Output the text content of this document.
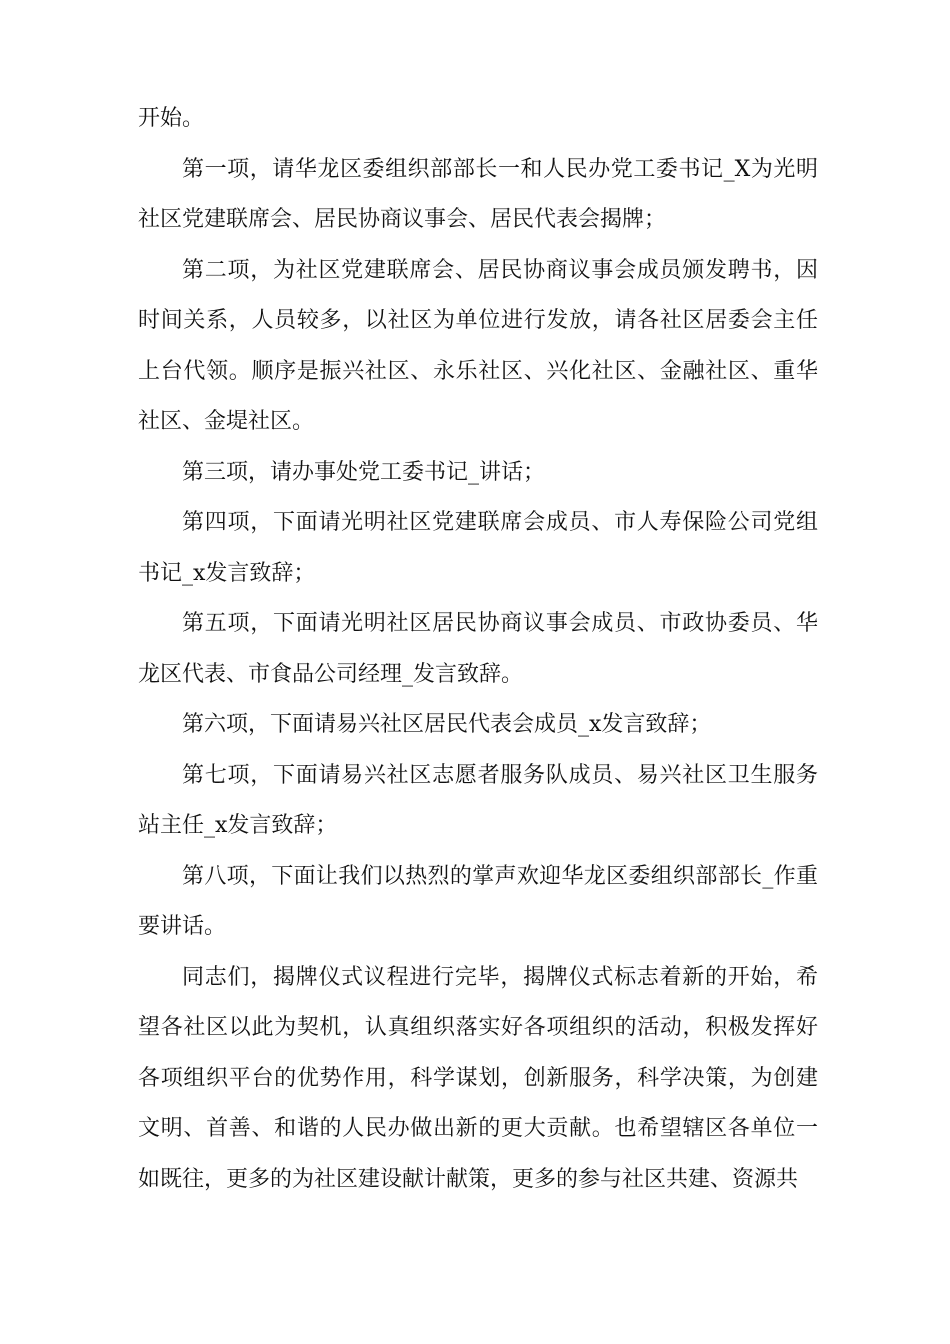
开始。

第一项，请华龙区委组织部部长一和人民办党工委书记_X为光明社区党建联席会、居民协商议事会、居民代表会揭牌；

第二项，为社区党建联席会、居民协商议事会成员颁发聘书，因时间关系，人员较多，以社区为单位进行发放，请各社区居委会主任上台代领。顺序是振兴社区、永乐社区、兴化社区、金融社区、重华社区、金堤社区。

第三项，请办事处党工委书记_讲话；

第四项，下面请光明社区党建联席会成员、市人寿保险公司党组书记_x发言致辞；

第五项，下面请光明社区居民协商议事会成员、市政协委员、华龙区代表、市食品公司经理_发言致辞。

第六项，下面请易兴社区居民代表会成员_x发言致辞；

第七项，下面请易兴社区志愿者服务队成员、易兴社区卫生服务站主任_x发言致辞；

第八项，下面让我们以热烈的掌声欢迎华龙区委组织部部长_作重要讲话。

同志们，揭牌仪式议程进行完毕，揭牌仪式标志着新的开始，希望各社区以此为契机，认真组织落实好各项组织的活动，积极发挥好各项组织平台的优势作用，科学谋划，创新服务，科学决策，为创建文明、首善、和谐的人民办做出新的更大贡献。也希望辖区各单位一如既往，更多的为社区建设献计献策，更多的参与社区共建、资源共
